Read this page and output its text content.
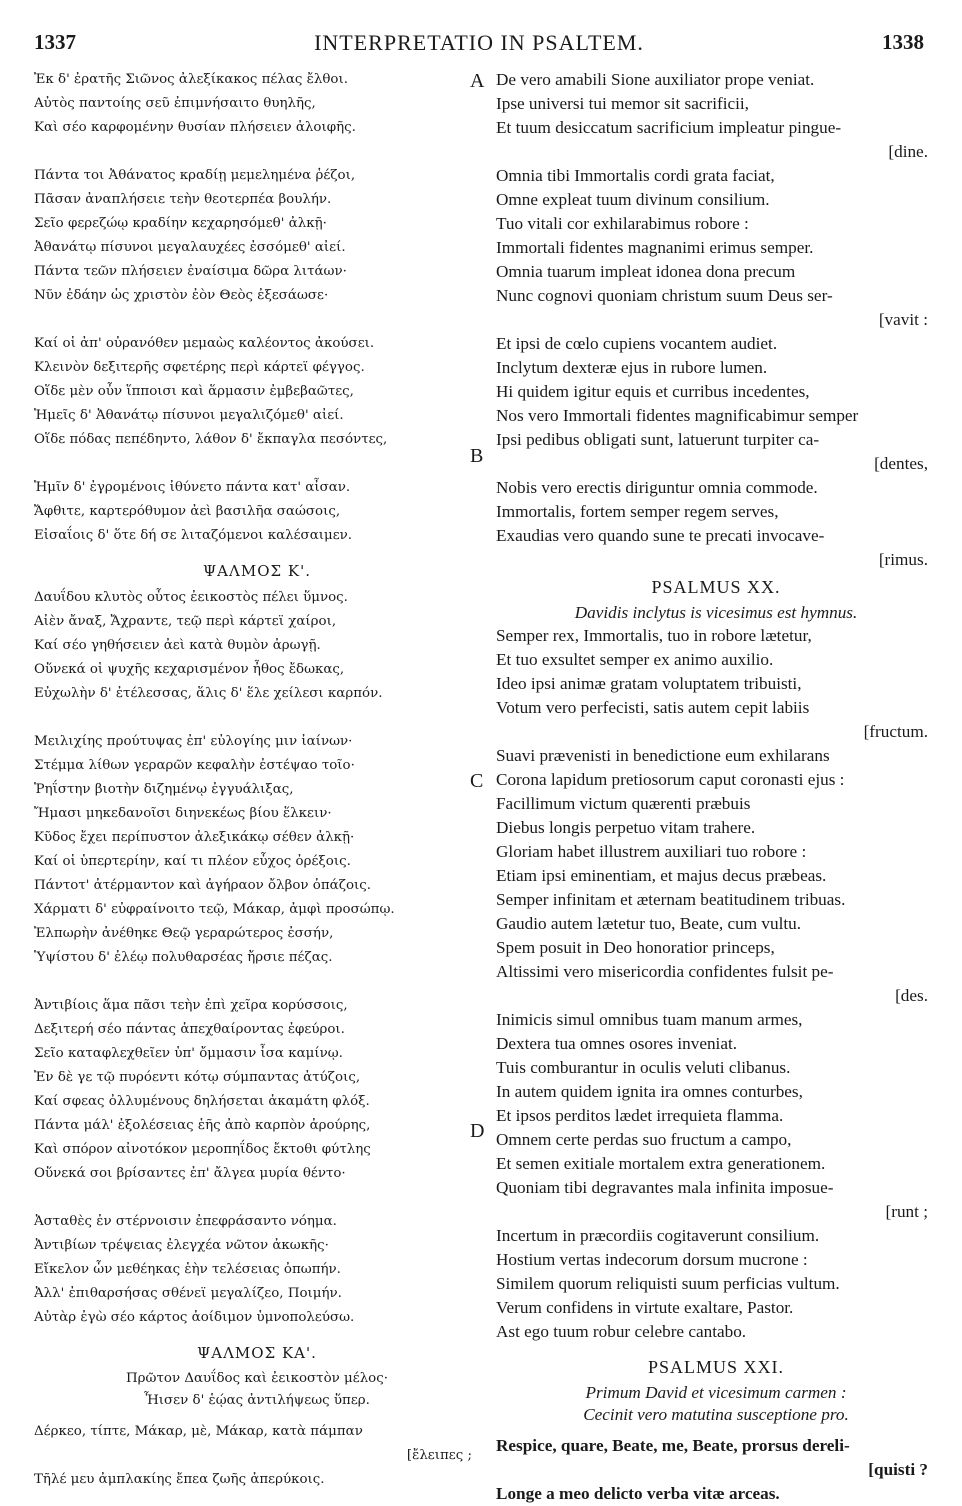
1337	INTERPRETATIO IN PSALTEM.	1338
A
B
C
D
Ἐκ δ' ἐρατῆς Σιῶνος ἀλεξίκακος πέλας ἔλθοι.
Αὐτὸς παντοίης σεῦ ἐπιμνήσαιτο θυηλῆς,
Καὶ σέο καρφομένην θυσίαν πλήσειεν ἀλοιφῆς.
Πάντα τοι Ἀθάνατος κραδίῃ μεμελημένα ῥέζοι,
Πᾶσαν ἀναπλήσειε τεὴν θεοτερπέα βουλήν.
Σεῖο φερεζώῳ κραδίην κεχαρησόμεθ' ἀλκῇ·
Ἀθανάτῳ πίσυνοι μεγαλαυχέες ἐσσόμεθ' αἰεί.
Πάντα τεῶν πλήσειεν ἐναίσιμα δῶρα λιτάων·
Νῦν ἐδάην ὡς χριστὸν ἐὸν Θεὸς ἐξεσάωσε·
Καί οἱ ἀπ' οὐρανόθεν μεμαὼς καλέοντος ἀκούσει.
Κλεινὸν δεξιτερῆς σφετέρης περὶ κάρτεϊ φέγγος.
Οἵδε μὲν οὖν ἵπποισι καὶ ἅρμασιν ἐμβεβαῶτες,
Ἡμεῖς δ' Ἀθανάτῳ πίσυνοι μεγαλιζόμεθ' αἰεί.
Οἵδε πόδας πεπέδηντο, λάθον δ' ἔκπαγλα πεσόντες,
Ἡμῖν δ' ἐγρομένοις ἰθύνετο πάντα κατ' αἶσαν.
Ἄφθιτε, καρτερόθυμον ἀεὶ βασιλῆα σαώσοις,
Εἰσαΐοις δ' ὅτε δή σε λιταζόμενοι καλέσαιμεν.
ΨΑΛΜΟΣ Κ'.
Δαυΐδου κλυτὸς οὗτος ἐεικοστὸς πέλει ὕμνος.
Αἰὲν ἄναξ, Ἄχραντε, τεῷ περὶ κάρτεϊ χαίροι,
Καί σέο γηθήσειεν ἀεὶ κατὰ θυμὸν ἀρωγῇ.
Οὕνεκά οἱ ψυχῆς κεχαρισμένον ἦθος ἔδωκας,
Εὐχωλὴν δ' ἐτέλεσσας, ἅλις δ' ἕλε χείλεσι καρπόν.
Μειλιχίης προύτυψας ἐπ' εὐλογίης μιν ἰαίνων·
Στέμμα λίθων γεραρῶν κεφαλὴν ἐστέψαο τοῖο·
Ῥηΐστην βιοτὴν διζημένῳ ἐγγυάλιξας,
Ἤμασι μηκεδανοῖσι διηνεκέως βίου ἕλκειν·
Κῦδος ἔχει περίπυστον ἀλεξικάκῳ σέθεν ἀλκῇ·
Καί οἱ ὑπερτερίην, καί τι πλέον εὖχος ὀρέξοις.
Πάντοτ' ἀτέρμαντον καὶ ἀγήραον ὄλβον ὀπάζοις.
Χάρματι δ' εὐφραίνοιτο τεῷ, Μάκαρ, ἀμφὶ προσώπῳ.
Ἐλπωρὴν ἀνέθηκε Θεῷ γεραρώτερος ἐσσήν,
Ὑψίστου δ' ἐλέῳ πολυθαρσέας ἤρσιε πέζας.
Ἀντιβίοις ἅμα πᾶσι τεὴν ἐπὶ χεῖρα κορύσσοις,
Δεξιτερή σέο πάντας ἀπεχθαίροντας ἐφεύροι.
Σεῖο καταφλεχθεῖεν ὑπ' ὄμμασιν ἶσα καμίνῳ.
Ἐν δὲ γε τῷ πυρόεντι κότῳ σύμπαντας ἀτύζοις,
Καί σφεας ὀλλυμένους δηλήσεται ἀκαμάτη φλόξ.
Πάντα μάλ' ἐξολέσειας ἑῆς ἀπὸ καρπὸν ἀρούρης,
Καὶ σπόρον αἰνοτόκον μεροπηΐδος ἔκτοθι φύτλης
Οὕνεκά σοι βρίσαντες ἐπ' ἄλγεα μυρία θέντο·
Ἀσταθὲς ἐν στέρνοισιν ἐπεφράσαντο νόημα.
Ἀντιβίων τρέψειας ἐλεγχέα νῶτον ἀκωκῆς·
Εἴκελον ὧν μεθέηκας ἑὴν τελέσειας ὀπωπήν.
Ἀλλ' ἐπιθαρσήσας σθένεϊ μεγαλίζεο, Ποιμήν.
Αὐτὰρ ἐγὼ σέο κάρτος ἀοίδιμον ὑμνοπολεύσω.
ΨΑΛΜΟΣ ΚΑ'.
Πρῶτον Δαυΐδος καὶ ἐεικοστὸν μέλος·
Ἦισεν δ' ἑῴας ἀντιλήψεως ὕπερ.
Δέρκεο, τίπτε, Μάκαρ, μὲ, Μάκαρ, κατὰ πάμπαν
[ἔλειπες ;
Τῆλέ μευ ἀμπλακίης ἔπεα ζωῆς ἀπερύκοις.
De vero amabili Sione auxiliator prope veniat.
Ipse universi tui memor sit sacrificii,
Et tuum desiccatum sacrificium impleatur pingue-
[dine.
Omnia tibi Immortalis cordi grata faciat,
Omne expleat tuum divinum consilium.
Tuo vitali cor exhilarabimus robore :
Immortali fidentes magnanimi erimus semper.
Omnia tuarum impleat idonea dona precum
Nunc cognovi quoniam christum suum Deus ser-
[vavit :
Et ipsi de cœlo cupiens vocantem audiet.
Inclytum dexteræ ejus in rubore lumen.
Hi quidem igitur equis et curribus incedentes,
Nos vero Immortali fidentes magnificabimur semper
Ipsi pedibus obligati sunt, latuerunt turpiter ca-
[dentes,
Nobis vero erectis diriguntur omnia commode.
Immortalis, fortem semper regem serves,
Exaudias vero quando sune te precati invocave-
[rimus.
PSALMUS XX.
Davidis inclytus is vicesimus est hymnus.
Semper rex, Immortalis, tuo in robore lætetur,
Et tuo exsultet semper ex animo auxilio.
Ideo ipsi animæ gratam voluptatem tribuisti,
Votum vero perfecisti, satis autem cepit labiis
[fructum.
Suavi prævenisti in benedictione eum exhilarans
Corona lapidum pretiosorum caput coronasti ejus :
Facillimum victum quærenti præbuis
Diebus longis perpetuo vitam trahere.
Gloriam habet illustrem auxiliari tuo robore :
Etiam ipsi eminentiam, et majus decus præbeas.
Semper infinitam et æternam beatitudinem tribuas.
Gaudio autem lætetur tuo, Beate, cum vultu.
Spem posuit in Deo honoratior princeps,
Altissimi vero misericordia confidentes fulsit pe-
[des.
Inimicis simul omnibus tuam manum armes,
Dextera tua omnes osores inveniat.
Tuis comburantur in oculis veluti clibanus.
In autem quidem ignita ira omnes conturbes,
Et ipsos perditos lædet irrequieta flamma.
Omnem certe perdas suo fructum a campo,
Et semen exitiale mortalem extra generationem.
Quoniam tibi degravantes mala infinita imposue-
[runt ;
Incertum in præcordiis cogitaverunt consilium.
Hostium vertas indecorum dorsum mucrone :
Similem quorum reliquisti suum perficias vultum.
Verum confidens in virtute exaltare, Pastor.
Ast ego tuum robur celebre cantabo.
PSALMUS XXI.
Primum David et vicesimum carmen :
Cecinit vero matutina susceptione pro.
Respice, quare, Beate, me, Beate, prorsus dereli-
[quisti ?
Longe a meo delicto verba vitæ arceas.
